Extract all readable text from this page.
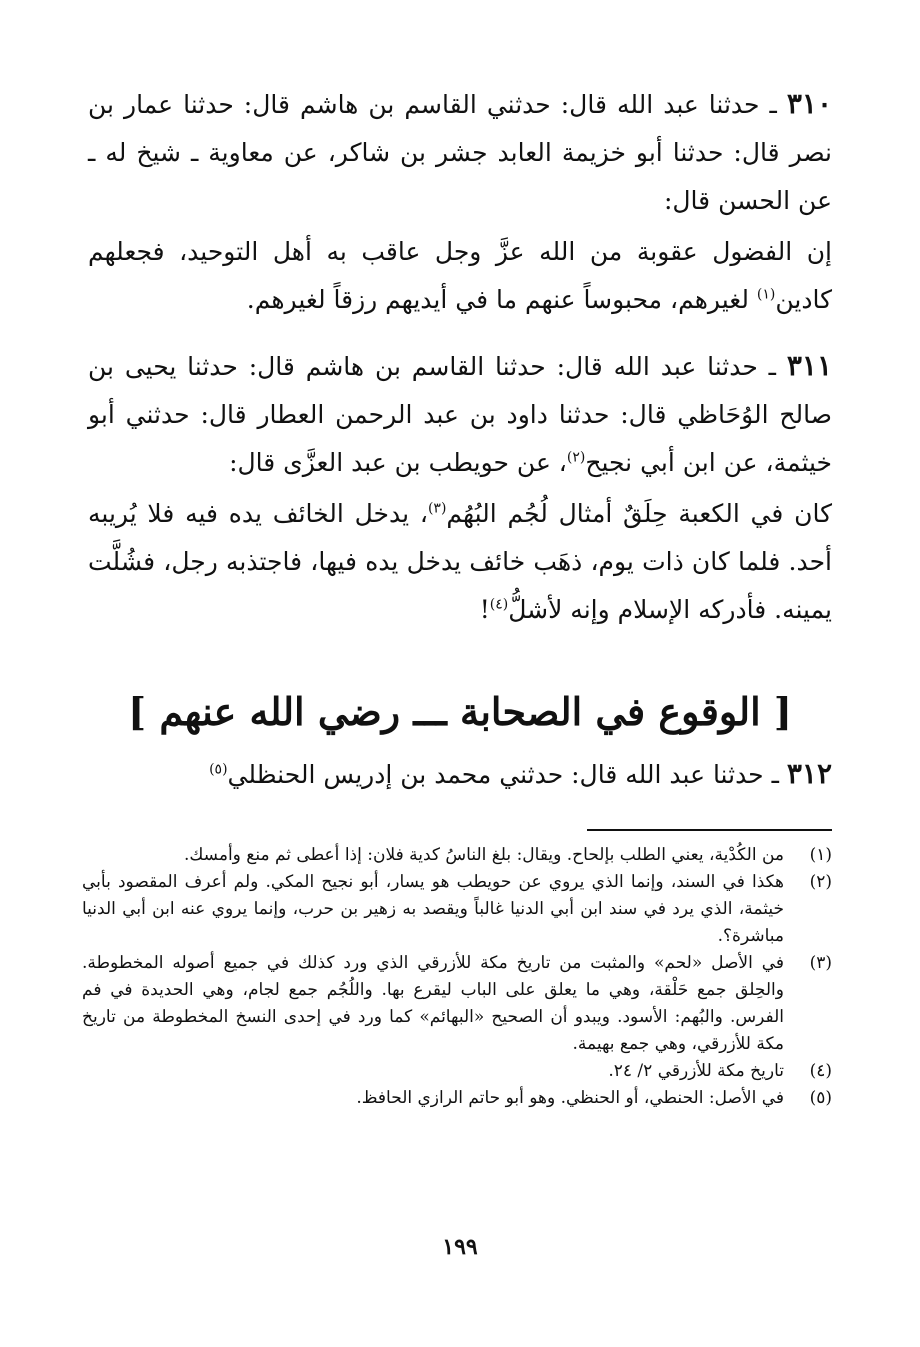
٣١٠ ـ حدثنا عبد الله قال: حدثني القاسم بن هاشم قال: حدثنا عمار بن نصر قال: حدثنا أبو خزيمة العابد جشر بن شاكر، عن معاوية ـ شيخ له ـ عن الحسن قال:

إن الفضول عقوبة من الله عزَّ وجل عاقب به أهل التوحيد، فجعلهم كادين$^{(١)}$ لغيرهم، محبوساً عنهم ما في أيديهم رزقاً لغيرهم.

٣١١ ـ حدثنا عبد الله قال: حدثنا القاسم بن هاشم قال: حدثنا يحيى بن صالح الوُحَاظي قال: حدثنا داود بن عبد الرحمن العطار قال: حدثني أبو خيثمة، عن ابن أبي نجيح$^{(٢)}$، عن حويطب بن عبد العزَّى قال:

كان في الكعبة حِلَقٌ أمثال لُجُم البُهُم$^{(٣)}$، يدخل الخائف يده فيه فلا يُريبه أحد. فلما كان ذات يوم، ذهَب خائف يدخل يده فيها، فاجتذبه رجل، فشُلَّت يمينه. فأدركه الإسلام وإنه لأشلُّ$^{(٤)}$!

[ الوقوع في الصحابة ـــ رضي الله عنهم ]

٣١٢ ـ حدثنا عبد الله قال: حدثني محمد بن إدريس الحنظلي$^{(٥)}$

(١)
من الكُدْية، يعني الطلب بإلحاح. ويقال: بلغ الناسُ كدية فلان: إذا أعطى ثم منع وأمسك.
(٢)
هكذا في السند، وإنما الذي يروي عن حويطب هو يسار، أبو نجيح المكي. ولم أعرف المقصود بأبي خيثمة، الذي يرد في سند ابن أبي الدنيا غالباً ويقصد به زهير بن حرب، وإنما يروي عنه ابن أبي الدنيا مباشرة؟.
(٣)
في الأصل «لحم» والمثبت من تاريخ مكة للأزرقي الذي ورد كذلك في جميع أصوله المخطوطة. والحِلق جمع حَلْقة، وهي ما يعلق على الباب ليقرع بها. واللُجُم جمع لجام، وهي الحديدة في فم الفرس. والبُهم: الأسود. ويبدو أن الصحيح «البهائم» كما ورد في إحدى النسخ المخطوطة من تاريخ مكة للأزرقي، وهي جمع بهيمة.
(٤)
تاريخ مكة للأزرقي ٢/ ٢٤.
(٥)
في الأصل: الحنطي، أو الحنظي. وهو أبو حاتم الرازي الحافظ.
١٩٩
